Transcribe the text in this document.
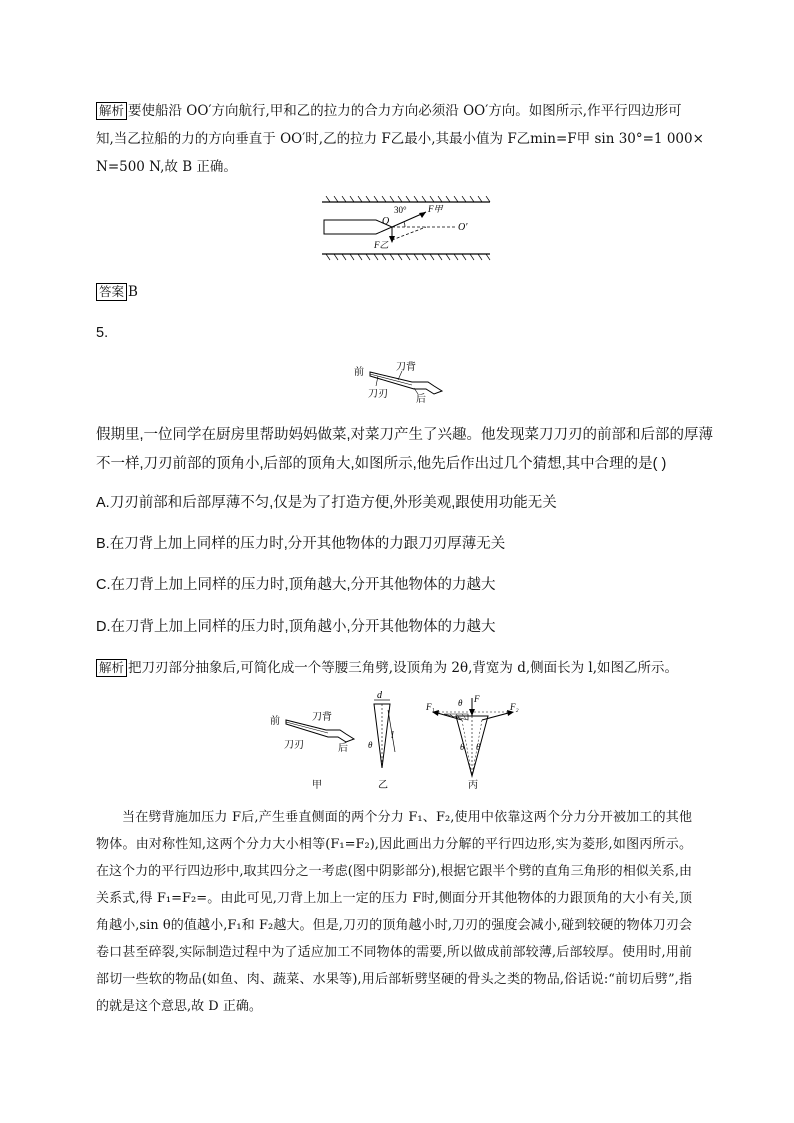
解析 要使船沿 OO′方向航行,甲和乙的拉力的合力方向必须沿 OO′方向。如图所示,作平行四边形可
知,当乙拉船的力的方向垂直于 OO′时,乙的拉力 F乙最小,其最小值为 F乙min=F甲 sin 30°=1 000×
N=500 N,故 B 正确。
30° F甲
O
O′
F乙
答案 B
5.
前	刀背
刀刃	后
假期里,一位同学在厨房里帮助妈妈做菜,对菜刀产生了兴趣。他发现菜刀刀刃的前部和后部的厚薄
不一样,刀刃前部的顶角小,后部的顶角大,如图所示,他先后作出过几个猜想,其中合理的是( )
A.刀刃前部和后部厚薄不匀,仅是为了打造方便,外形美观,跟使用功能无关
B.在刀背上加上同样的压力时,分开其他物体的力跟刀刃厚薄无关
C.在刀背上加上同样的压力时,顶角越大,分开其他物体的力越大
D.在刀背上加上同样的压力时,顶角越小,分开其他物体的力越大
解析 把刀刃部分抽象后,可简化成一个等腰三角劈,设顶角为 2θ,背宽为 d,侧面长为 l,如图乙所示。
前	刀背
刀刃	后
甲
d
l
θ
乙
θ F
F₁	F₂
θ θ
丙
当在劈背施加压力 F后,产生垂直侧面的两个分力 F₁、F₂,使用中依靠这两个分力分开被加工的其他物体。由对称性知,这两个分力大小相等(F₁=F₂),因此画出力分解的平行四边形,实为菱形,如图丙所示。在这个力的平行四边形中,取其四分之一考虑(图中阴影部分),根据它跟半个劈的直角三角形的相似关系,由关系式,得 F₁=F₂=。由此可见,刀背上加上一定的压力 F时,侧面分开其他物体的力跟顶角的大小有关,顶角越小,sin θ的值越小,F₁和 F₂越大。但是,刀刃的顶角越小时,刀刃的强度会减小,碰到较硬的物体刀刃会卷口甚至碎裂,实际制造过程中为了适应加工不同物体的需要,所以做成前部较薄,后部较厚。使用时,用前部切一些软的物品(如鱼、肉、蔬菜、水果等),用后部斩劈坚硬的骨头之类的物品,俗话说:“前切后劈”,指的就是这个意思,故 D 正确。
